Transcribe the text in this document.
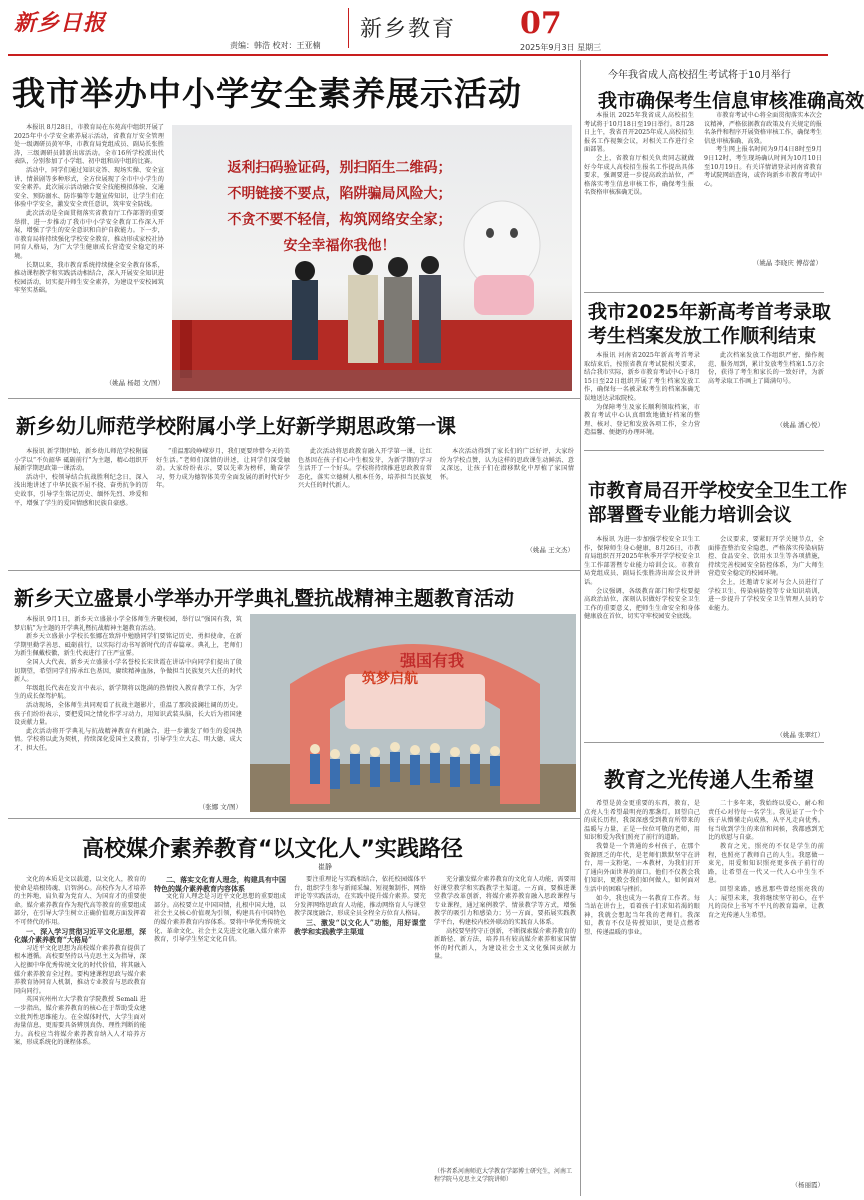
新乡日报
责编：韩浩 校对：王亚楠
新乡教育 07
2025年9月3日 星期三
我市举办中小学安全素养展示活动

本报讯 8月28日，市教育局在东苑高中组织开展了2025年中小学安全素养展示活动，省教育厅安全管理处一级调研员黄军华，市教育局党组成员、副局长张胜涛，三级调研员韩新出席活动。全市16所学校派出代表队，分别参加了小学组、初中组和高中组的比赛。

活动中，同学们通过知识竞答、现场实操、安全宣讲、情景剧等多种形式，全方位展现了全市中小学生的安全素养。此次展示活动融合安全技能模拟体验、交通安全、预防溺水、防诈骗等专题宣传知识，让学生们在体验中学安全，激发安全责任意识，筑牢安全防线。

此次活动是全面贯彻落实省教育厅工作部署的重要举措，进一步推动了我市中小学安全教育工作深入开展，增强了学生的安全意识和自护自救能力。下一步，市教育局将持续强化学校安全教育，推动形成家校社协同育人格局，为广大学生健康成长营造安全稳定的环境。

长期以来，我市教育系统持续健全安全教育体系，推动课程教学和实践活动相结合，深入开展安全知识进校园活动，切实提升师生安全素养，为建设平安校园筑牢坚实基础。

（姚晶 杨超 文/图）
返利扫码验证码，别扫陌生二维码；
不明链接不要点，陷阱骗局风险大；
不贪不要不轻信，构筑网络安全家；
安全幸福你我他！
今年我省成人高校招生考试将于10月举行
我市确保考生信息审核准确高效

本报讯 2025年我省成人高校招生考试将于10月18日至19日举行。8月28日上午，我省召开2025年成人高校招生报名工作视频会议，对相关工作进行全面部署。

会上，省教育厅相关负责同志就做好今年成人高校招生报名工作提出具体要求，强调要进一步提高政治站位，严格落实考生信息审核工作，确保考生报名资格审核准确无误。

市教育考试中心将全面贯彻落实本次会议精神，严格依据教育政策及有关规定的报名条件和程序开展资格审核工作，确保考生信息审核准确、高效。

考生网上报名时间为9月4日8时至9月9日12时，考生现场确认时间为10月10日至10月19日。有关详情请登录河南省教育考试院网站查询，或咨询新乡市教育考试中心。

（姚晶 李晓庆 傅蓓蕾）
我市2025年新高考首考录取
考生档案发放工作顺利结束

本报讯 河南省2025年新高考首考录取结束后，按照省教育考试院相关要求，结合我市实际，新乡市教育考试中心于8月15日至22日组织开展了考生档案发放工作，确保每一名被录取考生的档案准确无误地送达录取院校。

为保障考生及家长顺利领取档案，市教育考试中心认真细致地做好档案的整理、核对、登记和发放各项工作，全力营造温馨、便捷的办理环境。

此次档案发放工作组织严密、操作规范、服务周到，累计发放考生档案1.5万余份，获得了考生和家长的一致好评，为新高考录取工作画上了圆满句号。

（姚晶 潘心悦）
新乡幼儿师范学校附属小学上好新学期思政第一课

本报讯 新学期伊始，新乡幼儿师范学校附属小学以“不负韶华 砥砺前行”为主题，精心组织开展新学期思政第一课活动。

活动中，校领导结合抗战胜利纪念日，深入浅出地讲述了中华民族不屈不挠、奋勇抗争的历史故事，引导学生铭记历史、缅怀先烈、珍爱和平，增强了学生的爱国情感和民族自豪感。

“重温那段峥嵘岁月，我们更要珍惜今天的美好生活。”老师们深情的讲述，让同学们深受触动。大家纷纷表示，要以先辈为榜样，勤奋学习，努力成为德智体美劳全面发展的新时代好少年。

此次活动将思政教育融入开学第一课，让红色基因在孩子们心中生根发芽，为新学期的学习生活开了一个好头。学校将持续推进思政教育常态化，落实立德树人根本任务，培养担当民族复兴大任的时代新人。

本次活动得到了家长们的广泛好评，大家纷纷为学校点赞，认为这样的思政课生动鲜活、意义深远，让孩子们在潜移默化中厚植了家国情怀。

（姚晶 王文杰）
市教育局召开学校安全卫生工作
部署暨专业能力培训会议

本报讯 为进一步加强学校安全卫生工作，保障师生身心健康，8月26日，市教育局组织召开2025年秋季开学学校安全卫生工作部署暨专业能力培训会议。市教育局党组成员、副局长张胜涛出席会议并讲话。

会议强调，各级教育部门和学校要提高政治站位，深刻认识做好学校安全卫生工作的重要意义，把师生生命安全和身体健康放在首位，切实守牢校园安全底线。

会议要求，要紧盯开学关键节点，全面排查整治安全隐患，严格落实传染病防控、食品安全、饮用水卫生等各项措施，持续完善校园安全防控体系，为广大师生营造安全稳定的校园环境。

会上，还邀请专家对与会人员进行了学校卫生、传染病防控等专业知识培训，进一步提升了学校安全卫生管理人员的专业能力。

（姚晶 张翠红）
新乡天立盛景小学举办开学典礼暨抗战精神主题教育活动

本报讯 9月1日，新乡天立盛景小学全体师生齐聚校园，举行以“强国有我，筑梦启航”为主题的开学典礼暨抗战精神主题教育活动。

新乡天立盛景小学校长张娜在致辞中勉励同学们要铭记历史、勇担使命，在新学期里勤学善思、砥砺前行，以实际行动书写新时代的青春篇章。典礼上，老师们为新生佩戴校徽，新生代表进行了庄严宣誓。

全国人大代表、新乡天立盛景小学名誉校长宋世霞在讲话中向同学们提出了殷切期望，希望同学们传承红色基因，赓续精神血脉，争做担当民族复兴大任的时代新人。

年级组长代表在发言中表示，新学期将以饱满的热情投入教育教学工作，为学生的成长保驾护航。

活动现场，全体师生共同观看了抗战主题影片，重温了那段波澜壮阔的历史。孩子们纷纷表示，要把爱国之情化作学习动力，用知识武装头脑，长大后为祖国建设贡献力量。

此次活动将开学典礼与抗战精神教育有机融合，进一步激发了师生的爱国热情。学校将以此为契机，持续深化爱国主义教育，引导学生立大志、明大德、成大才、担大任。

（张娜 文/图）
强国有我
筑梦启航
教育之光传递人生希望

希望是黄金更重要的东西，教育，是点亮人生希望最明亮的那盏灯。回望自己的成长历程，我深深感受到教育所带来的温暖与力量，正是一位位可敬的老师，用知识和爱为我们照亮了前行的道路。

我曾是一个普通的乡村孩子，在那个资源匮乏的年代，是老师们默默坚守在讲台，用一支粉笔、一本教材，为我们打开了通向外面世界的窗口。他们不仅教会我们知识，更教会我们如何做人，如何面对生活中的困难与挫折。

如今，我也成为一名教育工作者。每当站在讲台上，看着孩子们求知若渴的眼神，我就会想起当年我的老师们。我深知，教育不仅是传授知识，更是点燃希望、传递温暖的事业。

二十多年来，我始终以爱心、耐心和责任心对待每一名学生。我见证了一个个孩子从懵懂走向成熟，从平凡走向优秀。每当收到学生的来信和问候，我都感到无比的欣慰与自豪。

教育之光，照亮的不仅是学生的前程，也照亮了教师自己的人生。我愿做一束光，用爱和知识照亮更多孩子前行的路，让希望在一代又一代人心中生生不息。

回望来路，感恩那些曾经照亮我的人；展望未来，我将继续坚守初心，在平凡的岗位上书写不平凡的教育篇章，让教育之光传递人生希望。

（杨丽霞）
高校媒介素养教育“以文化人”实践路径
崔静

文化的本质是文以载道，以文化人，教育的使命是培根铸魂、启智润心。高校作为人才培养的主阵地，肩负着为党育人、为国育才的重要使命。媒介素养教育作为现代高等教育的重要组成部分，在引导大学生树立正确价值观方面发挥着不可替代的作用。

一、深入学习贯彻习近平文化思想，深化媒介素养教育“大格局”

习近平文化思想为高校媒介素养教育提供了根本遵循。高校要坚持以马克思主义为指导，深入挖掘中华优秀传统文化的时代价值，将其融入媒介素养教育全过程。要构建课程思政与媒介素养教育协同育人机制，推动专业教育与思政教育同向同行。

英国宾州州立大学教育学院教授 Semali 进一步指出，媒介素养教育的核心在于帮助受众建立批判性思维能力。在全媒体时代，大学生面对海量信息，更需要具备辨别真伪、理性判断的能力。高校应当将媒介素养教育纳入人才培养方案，形成系统化的课程体系。

二、落实文化育人理念，构建具有中国特色的媒介素养教育内容体系

文化育人理念是习近平文化思想的重要组成部分。高校要立足中国国情，扎根中国大地，以社会主义核心价值观为引领，构建具有中国特色的媒介素养教育内容体系。要将中华优秀传统文化、革命文化、社会主义先进文化融入媒介素养教育，引导学生坚定文化自信。

要注重理论与实践相结合，依托校园媒体平台，组织学生参与新闻采编、短视频制作、网络评论等实践活动，在实践中提升媒介素养。要充分发挥网络思政育人功能，推动网络育人与课堂教学深度融合，形成全员全程全方位育人格局。

三、激发“以文化人”功能，用好课堂教学和实践教学主渠道

充分激发媒介素养教育的文化育人功能，需要用好课堂教学和实践教学主渠道。一方面，要推进课堂教学改革创新，将媒介素养教育融入思政课程与专业课程，通过案例教学、情景教学等方式，增强教学的吸引力和感染力；另一方面，要拓展实践教学平台，构建校内校外联动的实践育人体系。

高校要坚持守正创新，不断探索媒介素养教育的新路径、新方法，培养具有较高媒介素养和家国情怀的时代新人，为建设社会主义文化强国贡献力量。

（作者系河南师范大学教育学部博士研究生，河南工程学院马克思主义学院讲师）
